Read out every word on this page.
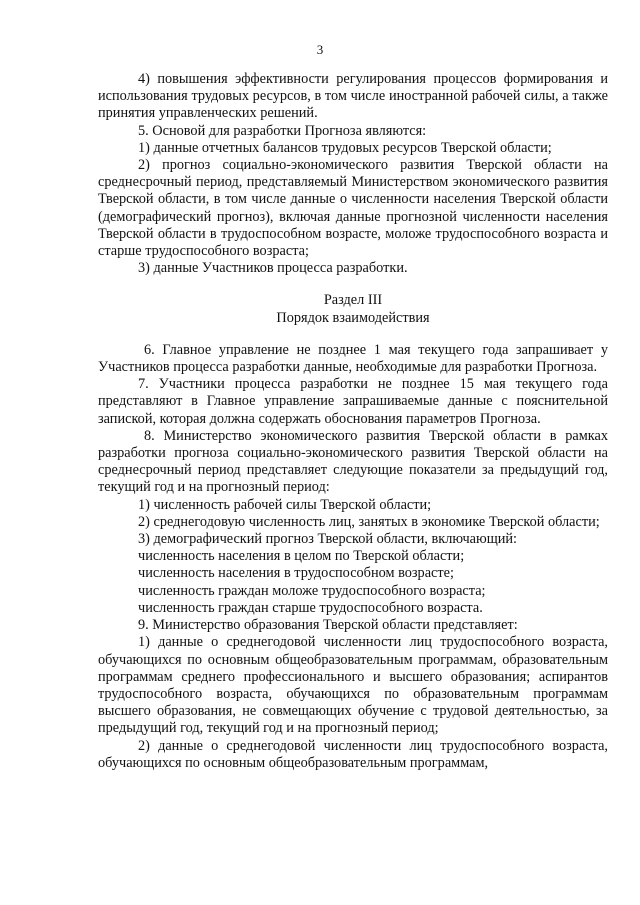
3

4) повышения эффективности регулирования процессов формирования и использования трудовых ресурсов, в том числе иностранной рабочей силы, а также принятия управленческих решений.

5. Основой для разработки Прогноза являются:

1) данные отчетных балансов трудовых ресурсов Тверской области;

2) прогноз социально-экономического развития Тверской области на среднесрочный период, представляемый Министерством экономического развития Тверской области, в том числе данные о численности населения Тверской области (демографический прогноз), включая данные прогнозной численности населения Тверской области в трудоспособном возрасте, моложе трудоспособного возраста и старше трудоспособного возраста;

3) данные Участников процесса разработки.

Раздел III

Порядок взаимодействия

6. Главное управление не позднее 1 мая текущего года запрашивает у Участников процесса разработки данные, необходимые для разработки Прогноза.

7. Участники процесса разработки не позднее 15 мая текущего года представляют в Главное управление запрашиваемые данные с пояснительной запиской, которая должна содержать обоснования параметров Прогноза.

8. Министерство экономического развития Тверской области в рамках разработки прогноза социально-экономического развития Тверской области на среднесрочный период представляет следующие показатели за предыдущий год, текущий год и на прогнозный период:

1) численность рабочей силы Тверской области;

2) среднегодовую численность лиц, занятых в экономике Тверской области;

3) демографический прогноз Тверской области, включающий:

численность населения в целом по Тверской области;

численность населения в трудоспособном возрасте;

численность граждан моложе трудоспособного возраста;

численность граждан старше трудоспособного возраста.

9. Министерство образования Тверской области представляет:

1) данные о среднегодовой численности лиц трудоспособного возраста, обучающихся по основным общеобразовательным программам, образовательным программам среднего профессионального и высшего образования; аспирантов трудоспособного возраста, обучающихся по образовательным программам высшего образования, не совмещающих обучение с трудовой деятельностью, за предыдущий год, текущий год и на прогнозный период;

2) данные о среднегодовой численности лиц трудоспособного возраста, обучающихся по основным общеобразовательным программам,
